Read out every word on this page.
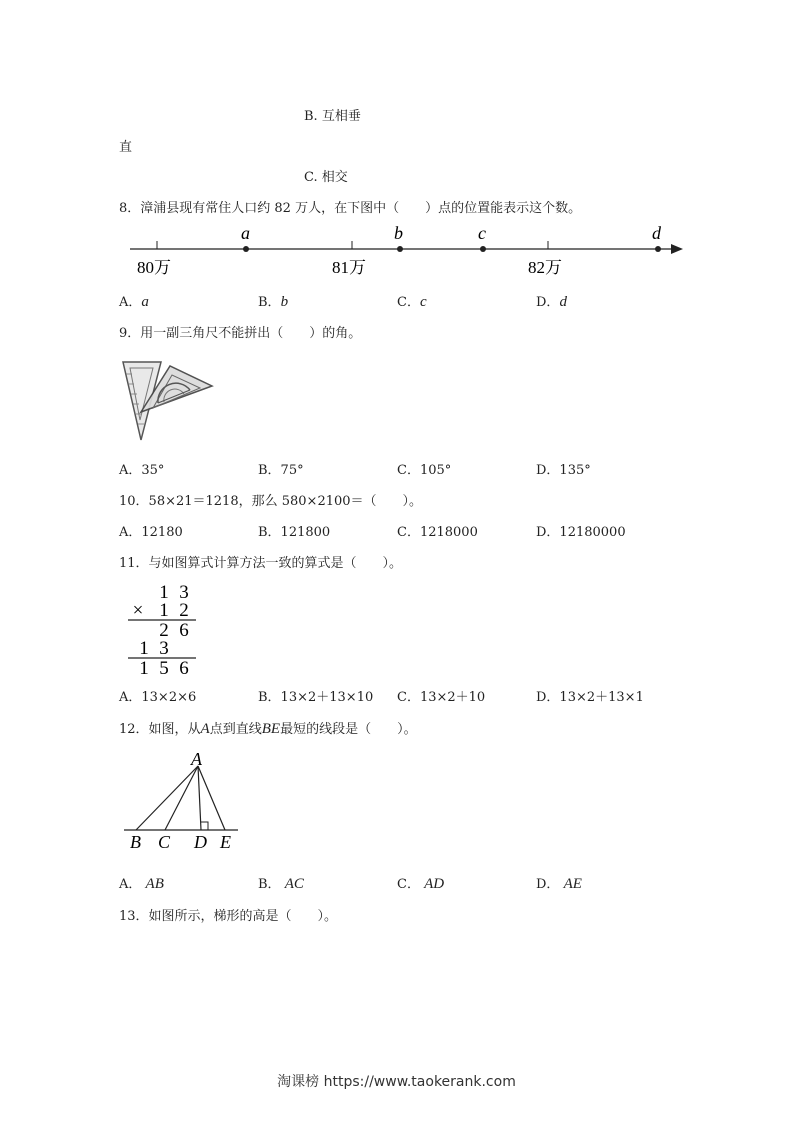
B. 互相垂
直
C. 相交
8．漳浦县现有常住人口约 82 万人，在下图中（　　）点的位置能表示这个数。
a	b	c	d
80万	81万	82万
A．a	B．b	C．c	D．d
9．用一副三角尺不能拼出（　　）的角。
A．35°	B．75°	C．105°	D．135°
10．58×21＝1218，那么 580×2100＝（　　）。
A．12180	B．121800	C．1218000	D．12180000
11．与如图算式计算方法一致的算式是（　　）。
1 3
× 1 2
2 6
1 3
1 5 6
A．13×2×6	B．13×2＋13×10 C．13×2＋10	D．13×2＋13×1
12．如图，从A点到直线BE最短的线段是（　　）。
A
B C D E
A． AB	B． AC	C． AD	D． AE
13．如图所示，梯形的高是（　　）。
淘课榜 https://www.taokerank.com
